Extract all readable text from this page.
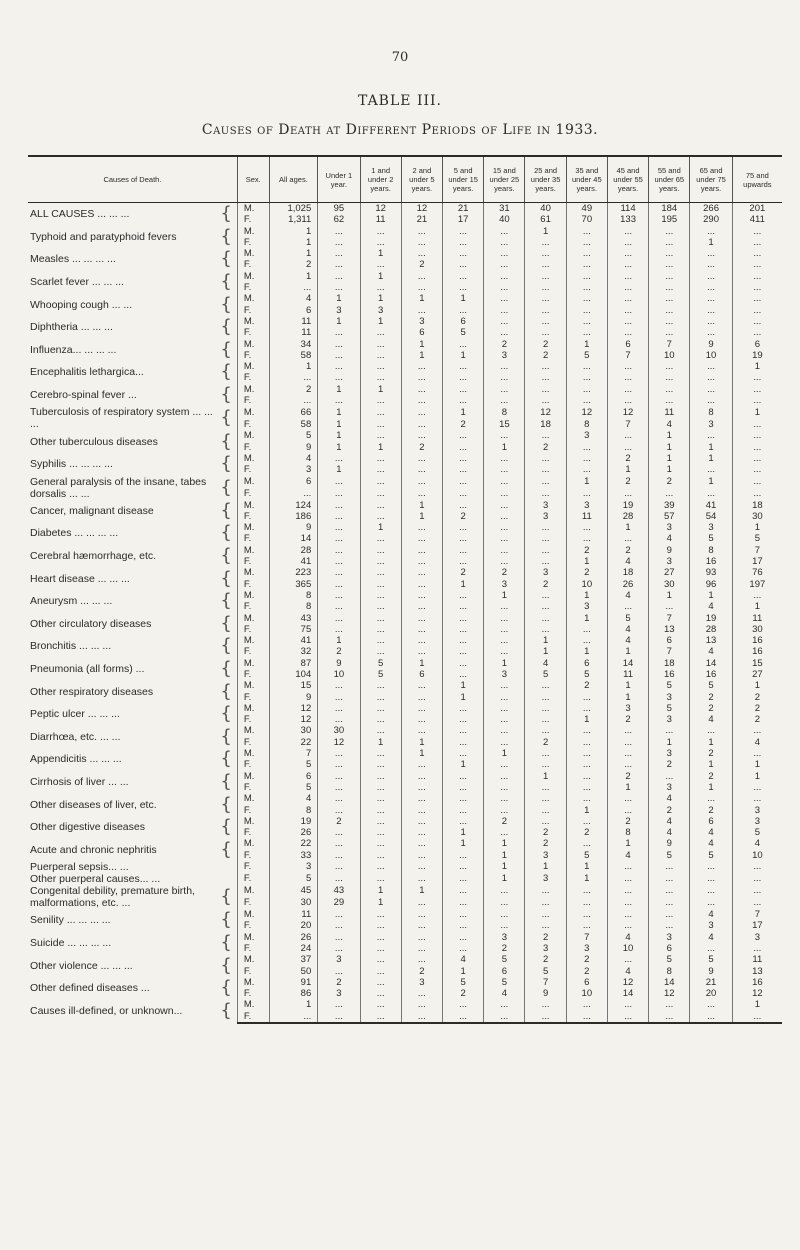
70
TABLE III.
Causes of Death at Different Periods of Life in 1933.
Causes of Death.	Sex.	All ages.	Under 1 year.	1 and under 2 years.	2 and under 5 years.	5 and under 15 years.	15 and under 25 years.	25 and under 35 years.	35 and under 45 years.	45 and under 55 years.	55 and under 65 years.	65 and under 75 years.	75 and upwards

ALL CAUSES ... ... ... {	M.	1,025	95	12	12	21	31	40	49	114	184	266	201
	F.	1,311	62	11	21	17	40	61	70	133	195	290	411

Typhoid and paratyphoid fevers {	M.	1	...	...	...	...	...	1	...	...	...	...	...
	F.	1	...	...	...	...	...	...	...	...	...	1	...

Measles ... ... ... ... {	M.	1	...	1	...	...	...	...	...	...	...	...	...
	F.	2	...	...	2	...	...	...	...	...	...	...	...

Scarlet fever ... ... ... {	M.	1	...	1	...	...	...	...	...	...	...	...	...
	F.	...	...	...	...	...	...	...	...	...	...	...	...

Whooping cough ... ... {	M.	4	1	1	1	1	...	...	...	...	...	...	...
	F.	6	3	3	...	...	...	...	...	...	...	...	...

Diphtheria ... ... ... {	M.	11	1	1	3	6	...	...	...	...	...	...	...
	F.	11	...	...	6	5	...	...	...	...	...	...	...

Influenza... ... ... ... {	M.	34	...	...	1	...	2	2	1	6	7	9	6
	F.	58	...	...	1	1	3	2	5	7	10	10	19

Encephalitis lethargica... {	M.	1	...	...	...	...	...	...	...	...	...	...	1
	F.	...	...	...	...	...	...	...	...	...	...	...	...

Cerebro-spinal fever ... {	M.	2	1	1	...	...	...	...	...	...	...	...	...
	F.	...	...	...	...	...	...	...	...	...	...	...	...

Tuberculosis of respiratory system ... ... ... {	M.	66	1	...	...	1	8	12	12	12	11	8	1
	F.	58	1	...	...	2	15	18	8	7	4	3	...

Other tuberculous diseases {	M.	5	1	...	...	...	...	...	3	...	1	...	...
	F.	9	1	1	2	...	1	2	...	...	1	1	...

Syphilis ... ... ... ... {	M.	4	...	...	...	...	...	...	...	2	1	1	...
	F.	3	1	...	...	...	...	...	...	1	1	...	...

General paralysis of the insane, tabes dorsalis ... ... {	M.	6	...	...	...	...	...	...	1	2	2	1	...
	F.	...	...	...	...	...	...	...	...	...	...	...	...

Cancer, malignant disease {	M.	124	...	...	1	...	...	3	3	19	39	41	18
	F.	186	...	...	1	2	...	3	11	28	57	54	30

Diabetes ... ... ... ... {	M.	9	...	1	...	...	...	...	...	1	3	3	1
	F.	14	...	...	...	...	...	...	...	...	4	5	5

Cerebral hæmorrhage, etc. {	M.	28	...	...	...	...	...	...	2	2	9	8	7
	F.	41	...	...	...	...	...	...	1	4	3	16	17

Heart disease ... ... ... {	M.	223	...	...	...	2	2	3	2	18	27	93	76
	F.	365	...	...	...	1	3	2	10	26	30	96	197

Aneurysm ... ... ... {	M.	8	...	...	...	...	1	...	1	4	1	1	...
	F.	8	...	...	...	...	...	...	3	...	...	4	1

Other circulatory diseases {	M.	43	...	...	...	...	...	...	1	5	7	19	11
	F.	75	...	...	...	...	...	...	...	4	13	28	30

Bronchitis ... ... ... {	M.	41	1	...	...	...	...	1	...	4	6	13	16
	F.	32	2	...	...	...	...	1	1	1	7	4	16

Pneumonia (all forms) ... {	M.	87	9	5	1	...	1	4	6	14	18	14	15
	F.	104	10	5	6	...	3	5	5	11	16	16	27

Other respiratory diseases {	M.	15	...	...	...	1	...	...	2	1	5	5	1
	F.	9	...	...	...	1	...	...	...	1	3	2	2

Peptic ulcer ... ... ... {	M.	12	...	...	...	...	...	...	...	3	5	2	2
	F.	12	...	...	...	...	...	...	1	2	3	4	2

Diarrhœa, etc. ... ... {	M.	30	30	...	...	...	...	...	...	...	...	...	...
	F.	22	12	1	1	...	...	2	...	...	1	1	4

Appendicitis ... ... ... {	M.	7	...	...	1	...	1	...	...	...	3	2	...
	F.	5	...	...	...	1	...	...	...	...	2	1	1

Cirrhosis of liver ... ... {	M.	6	...	...	...	...	...	1	...	2	...	2	1
	F.	5	...	...	...	...	...	...	...	1	3	1	...

Other diseases of liver, etc. {	M.	4	...	...	...	...	...	...	...	...	4	...	...
	F.	8	...	...	...	...	...	...	1	...	2	2	3

Other digestive diseases {	M.	19	2	...	...	...	2	...	...	2	4	6	3
	F.	26	...	...	...	1	...	2	2	8	4	4	5

Acute and chronic nephritis {	M.	22	...	...	...	1	1	2	...	1	9	4	4
	F.	33	...	...	...	...	1	3	5	4	5	5	10

Puerperal sepsis... ...	F.	3	...	...	...	...	1	1	1	...	...	...	...

Other puerperal causes... ...	F.	5	...	...	...	...	1	3	1	...	...	...	...

Congenital debility, premature birth, malformations, etc. ... {	M.	45	43	1	1	...	...	...	...	...	...	...	...
	F.	30	29	1	...	...	...	...	...	...	...	...	...

Senility ... ... ... ... {	M.	11	...	...	...	...	...	...	...	...	...	4	7
	F.	20	...	...	...	...	...	...	...	...	...	3	17

Suicide ... ... ... ... {	M.	26	...	...	...	...	3	2	7	4	3	4	3
	F.	24	...	...	...	...	2	3	3	10	6	...	...

Other violence ... ... ... {	M.	37	3	...	...	4	5	2	2	...	5	5	11
	F.	50	...	...	2	1	6	5	2	4	8	9	13

Other defined diseases ... {	M.	91	2	...	3	5	5	7	6	12	14	21	16
	F.	86	3	...	...	2	4	9	10	14	12	20	12

Causes ill-defined, or unknown... {	M.	1	...	...	...	...	...	...	...	...	...	...	1
	F.	...	...	...	...	...	...	...	...	...	...	...	...
